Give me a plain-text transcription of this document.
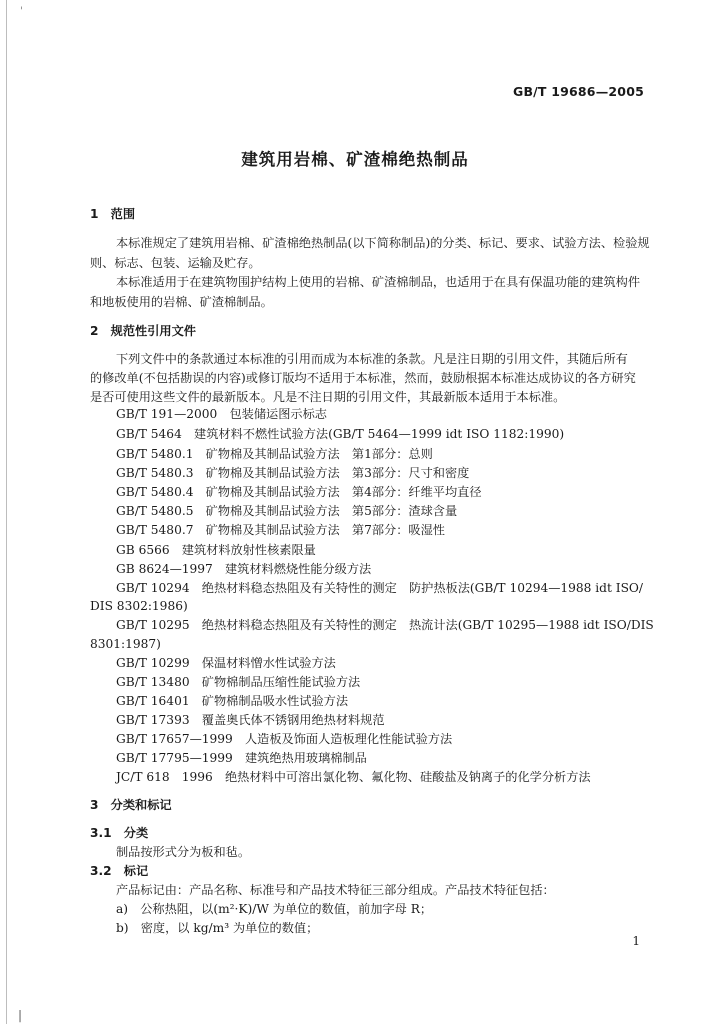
'
|
GB/T 19686—2005
建筑用岩棉、矿渣棉绝热制品
1　范围
本标准规定了建筑用岩棉、矿渣棉绝热制品(以下简称制品)的分类、标记、要求、试验方法、检验规
则、标志、包装、运输及贮存。
本标准适用于在建筑物围护结构上使用的岩棉、矿渣棉制品，也适用于在具有保温功能的建筑构件
和地板使用的岩棉、矿渣棉制品。
2　规范性引用文件
下列文件中的条款通过本标准的引用而成为本标准的条款。凡是注日期的引用文件，其随后所有
的修改单(不包括勘误的内容)或修订版均不适用于本标准，然而，鼓励根据本标准达成协议的各方研究
是否可使用这些文件的最新版本。凡是不注日期的引用文件，其最新版本适用于本标准。
GB/T 191—2000　包装储运图示标志
GB/T 5464　建筑材料不燃性试验方法(GB/T 5464—1999 idt ISO 1182:1990)
GB/T 5480.1　矿物棉及其制品试验方法　第1部分：总则
GB/T 5480.3　矿物棉及其制品试验方法　第3部分：尺寸和密度
GB/T 5480.4　矿物棉及其制品试验方法　第4部分：纤维平均直径
GB/T 5480.5　矿物棉及其制品试验方法　第5部分：渣球含量
GB/T 5480.7　矿物棉及其制品试验方法　第7部分：吸湿性
GB 6566　建筑材料放射性核素限量
GB 8624—1997　建筑材料燃烧性能分级方法
GB/T 10294　绝热材料稳态热阻及有关特性的测定　防护热板法(GB/T 10294—1988 idt ISO/
DIS 8302:1986)
GB/T 10295　绝热材料稳态热阻及有关特性的测定　热流计法(GB/T 10295—1988 idt ISO/DIS
8301:1987)
GB/T 10299　保温材料憎水性试验方法
GB/T 13480　矿物棉制品压缩性能试验方法
GB/T 16401　矿物棉制品吸水性试验方法
GB/T 17393　覆盖奥氏体不锈钢用绝热材料规范
GB/T 17657—1999　人造板及饰面人造板理化性能试验方法
GB/T 17795—1999　建筑绝热用玻璃棉制品
JC/T 618　1996　绝热材料中可溶出氯化物、氟化物、硅酸盐及钠离子的化学分析方法
3　分类和标记
3.1　分类
制品按形式分为板和毡。
3.2　标记
产品标记由：产品名称、标准号和产品技术特征三部分组成。产品技术特征包括：
a)　公称热阻，以(m²·K)/W 为单位的数值，前加字母 R；
b)　密度，以 kg/m³ 为单位的数值；
1
